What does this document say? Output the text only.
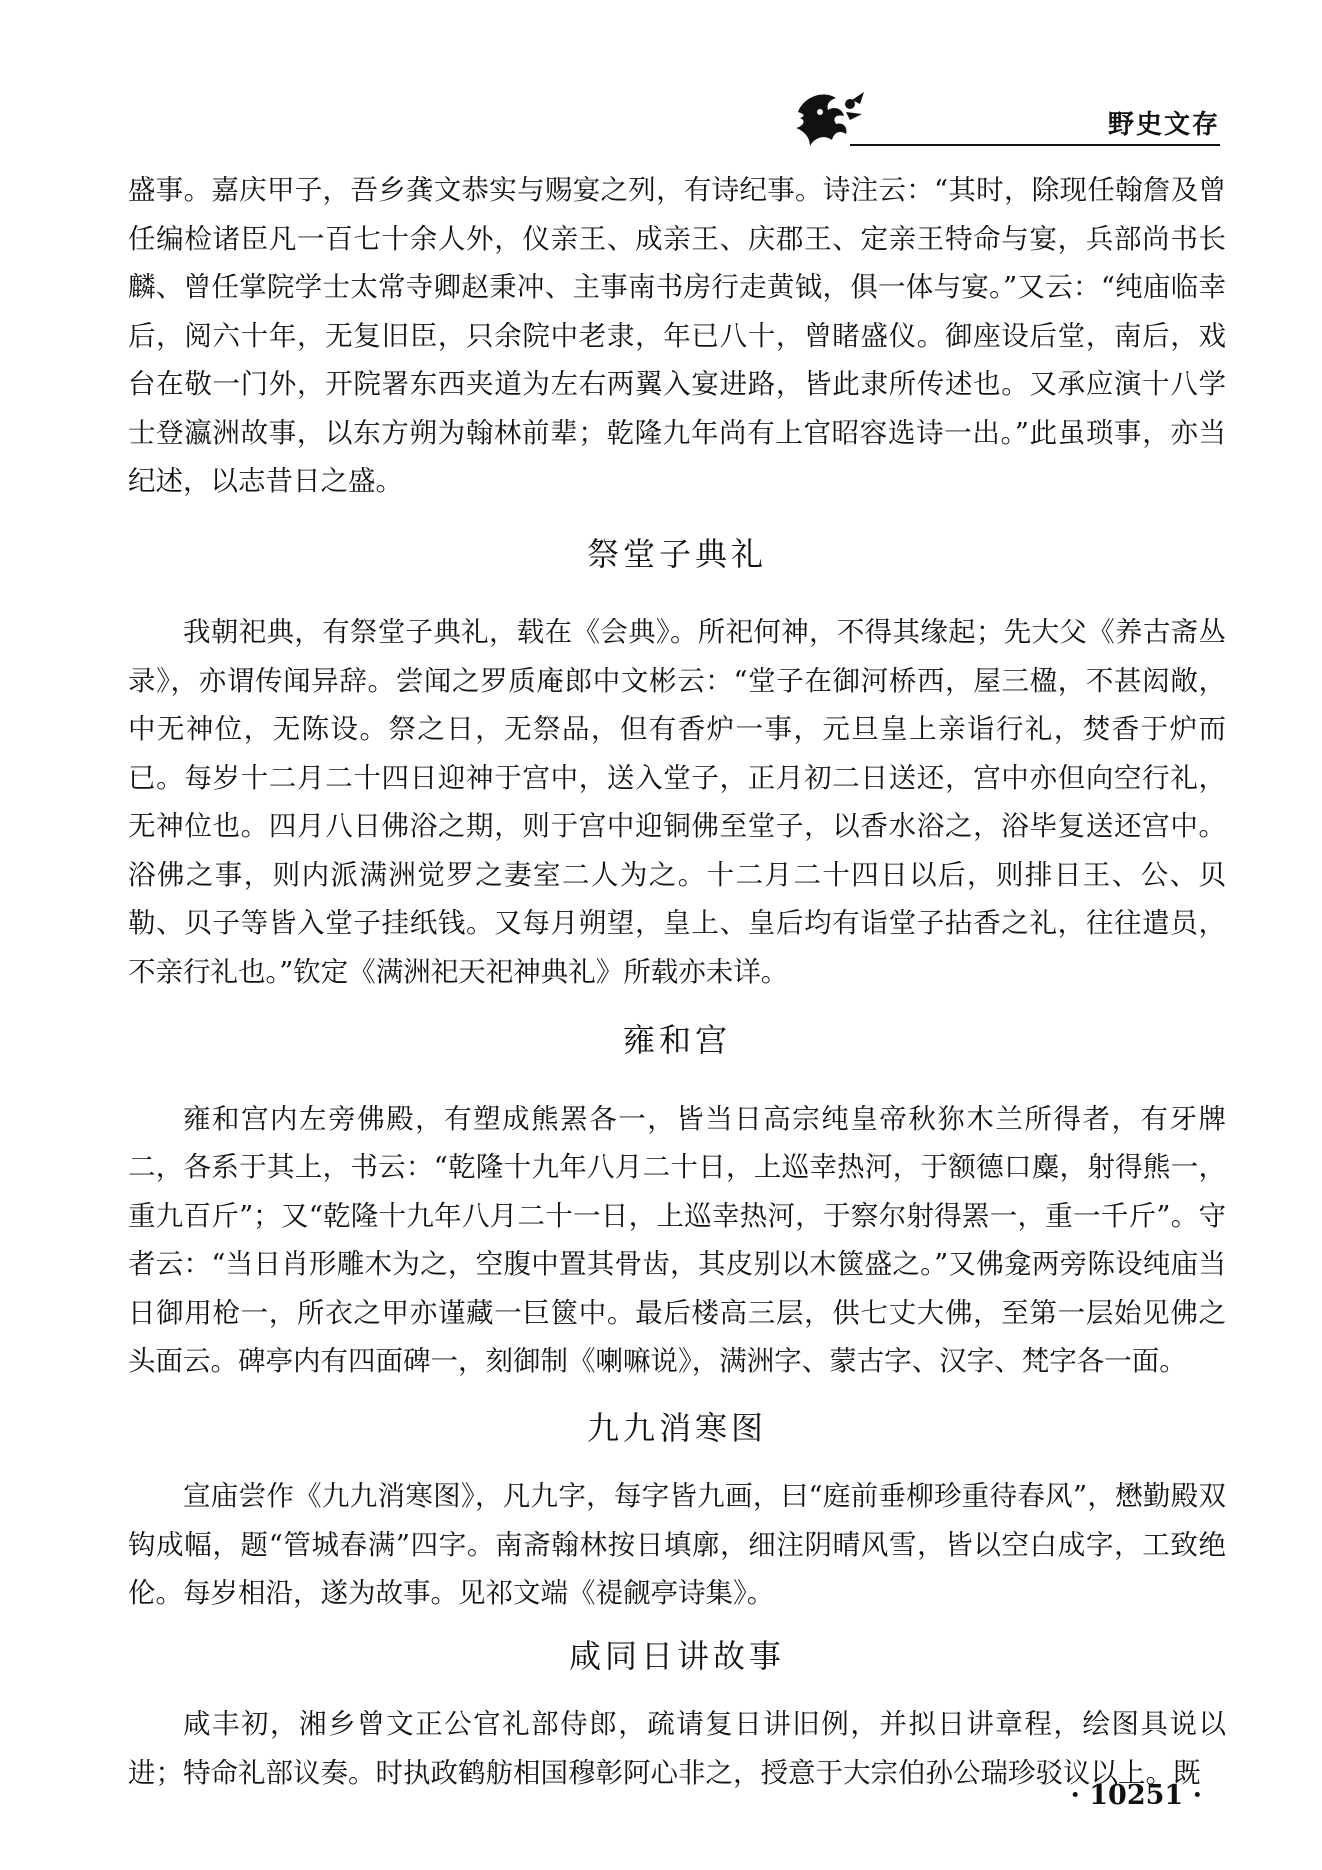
野史文存

盛事。嘉庆甲子，吾乡龚文恭实与赐宴之列，有诗纪事。诗注云：“其时，除现任翰詹及曾任编检诸臣凡一百七十余人外，仪亲王、成亲王、庆郡王、定亲王特命与宴，兵部尚书长麟、曾任掌院学士太常寺卿赵秉冲、主事南书房行走黄钺，俱一体与宴。”又云：“纯庙临幸后，阅六十年，无复旧臣，只余院中老隶，年已八十，曾睹盛仪。御座设后堂，南后，戏台在敬一门外，开院署东西夹道为左右两翼入宴进路，皆此隶所传述也。又承应演十八学士登瀛洲故事，以东方朔为翰林前辈；乾隆九年尚有上官昭容选诗一出。”此虽琐事，亦当纪述，以志昔日之盛。

祭堂子典礼

我朝祀典，有祭堂子典礼，载在《会典》。所祀何神，不得其缘起；先大父《养古斋丛录》，亦谓传闻异辞。尝闻之罗质庵郎中文彬云：“堂子在御河桥西，屋三楹，不甚闳敞，中无神位，无陈设。祭之日，无祭品，但有香炉一事，元旦皇上亲诣行礼，焚香于炉而已。每岁十二月二十四日迎神于宫中，送入堂子，正月初二日送还，宫中亦但向空行礼，无神位也。四月八日佛浴之期，则于宫中迎铜佛至堂子，以香水浴之，浴毕复送还宫中。浴佛之事，则内派满洲觉罗之妻室二人为之。十二月二十四日以后，则排日王、公、贝勒、贝子等皆入堂子挂纸钱。又每月朔望，皇上、皇后均有诣堂子拈香之礼，往往遣员，不亲行礼也。”钦定《满洲祀天祀神典礼》所载亦未详。

雍和宫

雍和宫内左旁佛殿，有塑成熊罴各一，皆当日高宗纯皇帝秋狝木兰所得者，有牙牌二，各系于其上，书云：“乾隆十九年八月二十日，上巡幸热河，于额德口麋，射得熊一，重九百斤”；又“乾隆十九年八月二十一日，上巡幸热河，于察尔射得罴一，重一千斤”。守者云：“当日肖形雕木为之，空腹中置其骨齿，其皮别以木篋盛之。”又佛龛两旁陈设纯庙当日御用枪一，所衣之甲亦谨藏一巨篋中。最后楼高三层，供七丈大佛，至第一层始见佛之头面云。碑亭内有四面碑一，刻御制《喇嘛说》，满洲字、蒙古字、汉字、梵字各一面。

九九消寒图

宣庙尝作《九九消寒图》，凡九字，每字皆九画，曰“庭前垂柳珍重待春风”，懋勤殿双钩成幅，题“管城春满”四字。南斋翰林按日填廓，细注阴晴风雪，皆以空白成字，工致绝伦。每岁相沿，遂为故事。见祁文端《禔觎亭诗集》。

咸同日讲故事

咸丰初，湘乡曾文正公官礼部侍郎，疏请复日讲旧例，并拟日讲章程，绘图具说以进；特命礼部议奏。时执政鹤舫相国穆彰阿心非之，授意于大宗伯孙公瑞珍驳议以上。既

· 10251 ·
